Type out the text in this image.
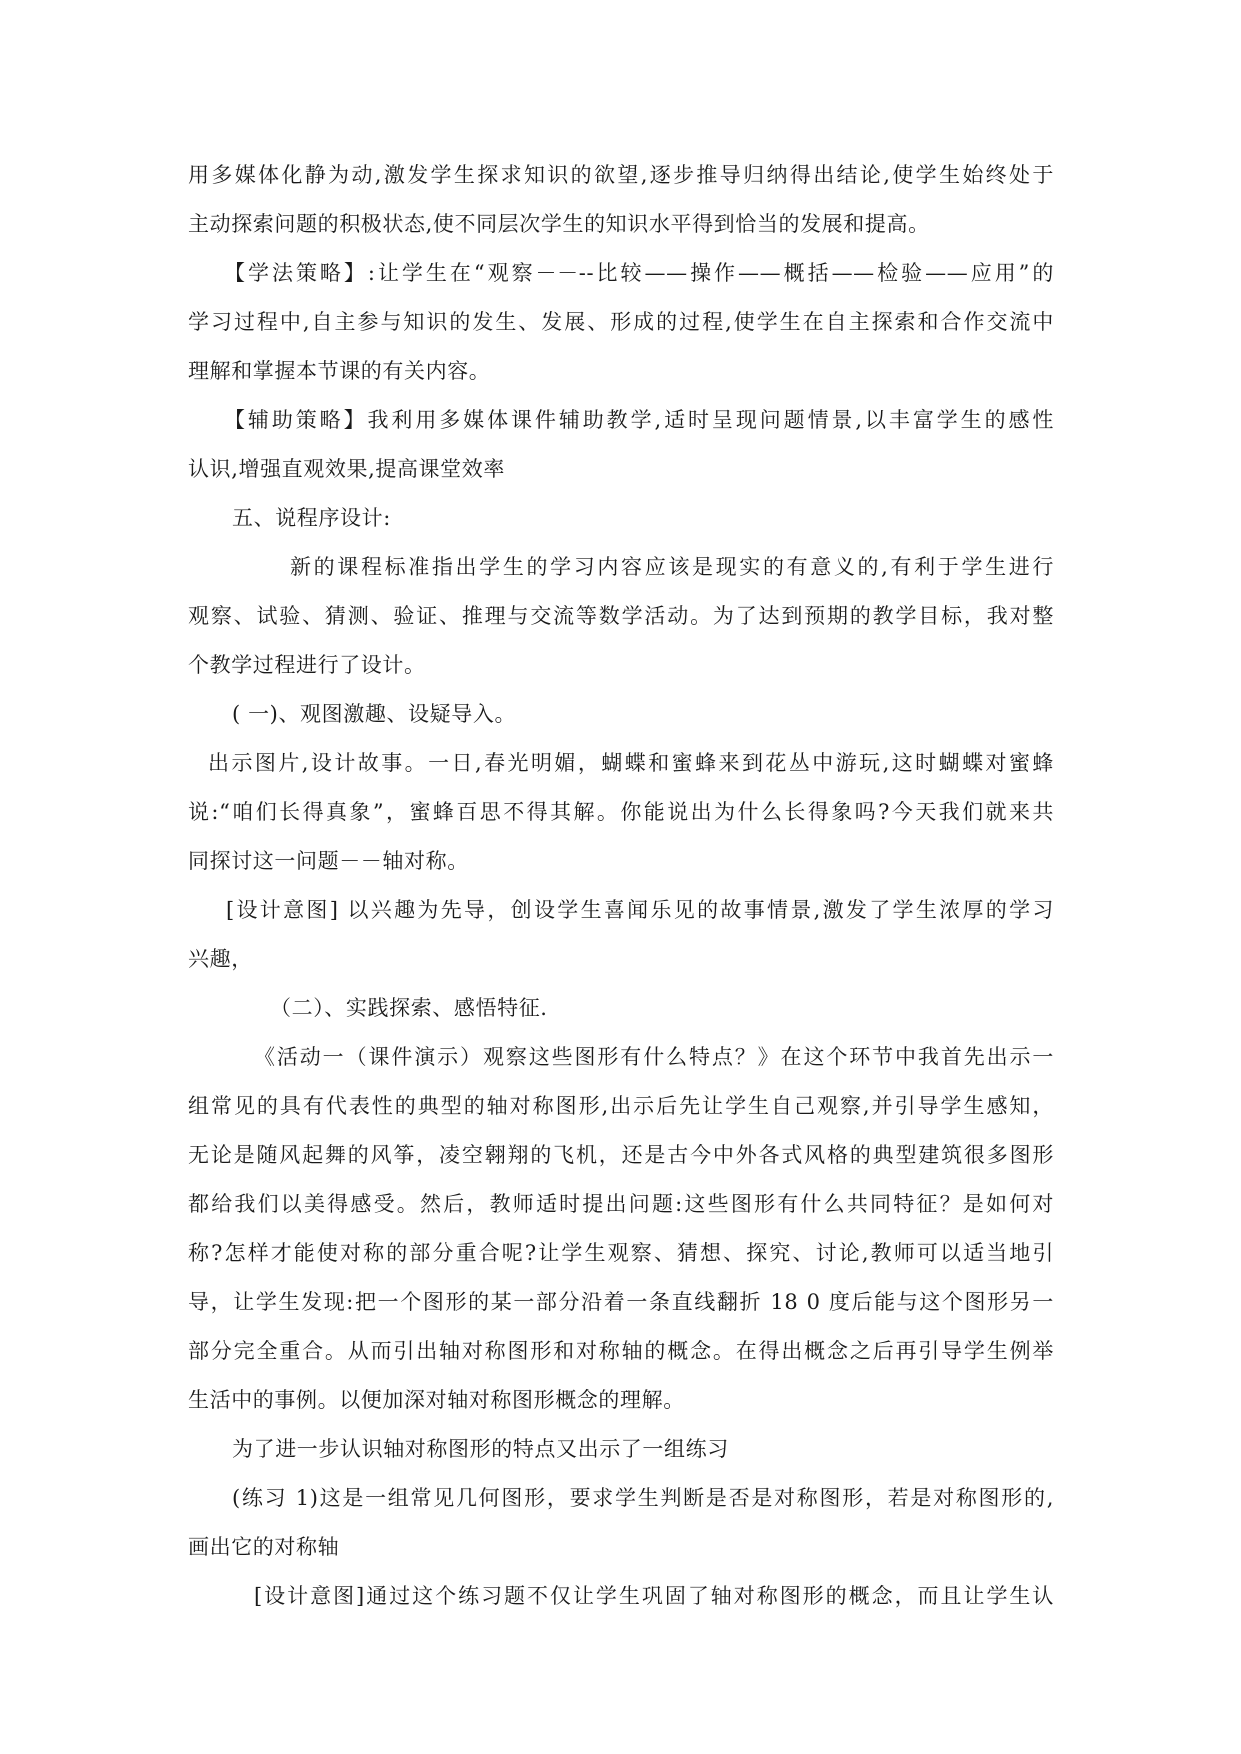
用多媒体化静为动,激发学生探求知识的欲望,逐步推导归纳得出结论,使学生始终处于
主动探索问题的积极状态,使不同层次学生的知识水平得到恰当的发展和提高。
【学法策略】:让学生在“观察－－--比较——操作——概括——检验——应用”的
学习过程中,自主参与知识的发生、发展、形成的过程,使学生在自主探索和合作交流中
理解和掌握本节课的有关内容。
【辅助策略】我利用多媒体课件辅助教学,适时呈现问题情景,以丰富学生的感性
认识,增强直观效果,提高课堂效率
五、说程序设计:
新的课程标准指出学生的学习内容应该是现实的有意义的,有利于学生进行
观察、试验、猜测、验证、推理与交流等数学活动。为了达到预期的教学目标，我对整
个教学过程进行了设计。
( 一)、观图激趣、设疑导入。
出示图片,设计故事。一日,春光明媚，蝴蝶和蜜蜂来到花丛中游玩,这时蝴蝶对蜜蜂
说:“咱们长得真象”，蜜蜂百思不得其解。你能说出为什么长得象吗?今天我们就来共
同探讨这一问题－－轴对称。
[设计意图] 以兴趣为先导，创设学生喜闻乐见的故事情景,激发了学生浓厚的学习
兴趣，
（二）、实践探索、感悟特征.
《活动一（课件演示）观察这些图形有什么特点？》在这个环节中我首先出示一
组常见的具有代表性的典型的轴对称图形,出示后先让学生自己观察,并引导学生感知，
无论是随风起舞的风筝，凌空翱翔的飞机，还是古今中外各式风格的典型建筑很多图形
都给我们以美得感受。然后，教师适时提出问题:这些图形有什么共同特征？是如何对
称?怎样才能使对称的部分重合呢?让学生观察、猜想、探究、讨论,教师可以适当地引
导，让学生发现:把一个图形的某一部分沿着一条直线翻折 18 0 度后能与这个图形另一
部分完全重合。从而引出轴对称图形和对称轴的概念。在得出概念之后再引导学生例举
生活中的事例。以便加深对轴对称图形概念的理解。
为了进一步认识轴对称图形的特点又出示了一组练习
(练习 1)这是一组常见几何图形，要求学生判断是否是对称图形，若是对称图形的,
画出它的对称轴
[设计意图]通过这个练习题不仅让学生巩固了轴对称图形的概念，而且让学生认
